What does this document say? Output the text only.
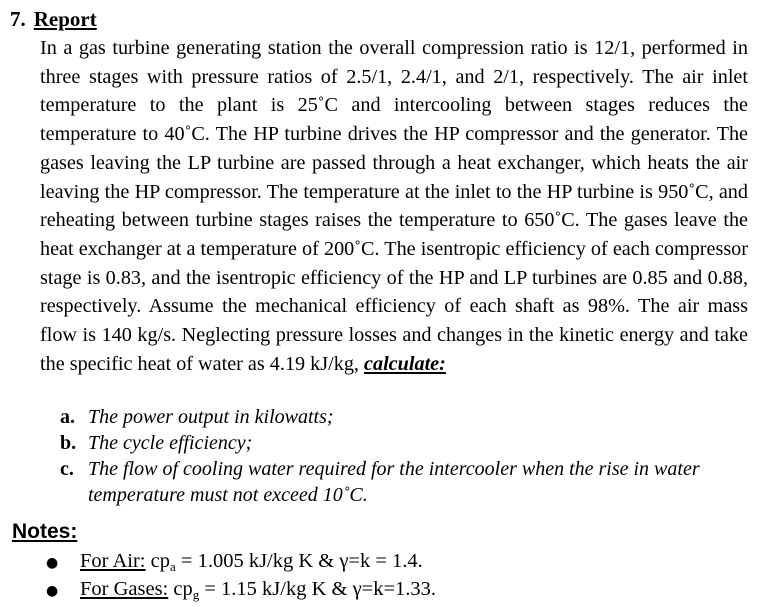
7. Report
In a gas turbine generating station the overall compression ratio is 12/1, performed in three stages with pressure ratios of 2.5/1, 2.4/1, and 2/1, respectively. The air inlet temperature to the plant is 25˚C and intercooling between stages reduces the temperature to 40˚C. The HP turbine drives the HP compressor and the generator. The gases leaving the LP turbine are passed through a heat exchanger, which heats the air leaving the HP compressor. The temperature at the inlet to the HP turbine is 950˚C, and reheating between turbine stages raises the temperature to 650˚C. The gases leave the heat exchanger at a temperature of 200˚C. The isentropic efficiency of each compressor stage is 0.83, and the isentropic efficiency of the HP and LP turbines are 0.85 and 0.88, respectively. Assume the mechanical efficiency of each shaft as 98%. The air mass flow is 140 kg/s. Neglecting pressure losses and changes in the kinetic energy and take the specific heat of water as 4.19 kJ/kg, calculate:
a. The power output in kilowatts;
b. The cycle efficiency;
c. The flow of cooling water required for the intercooler when the rise in water temperature must not exceed 10˚C.
Notes:
●	For Air: $cp_a = 1.005$ kJ/kg K & γ=k = 1.4.
●	For Gases: $cp_g = 1.15$ kJ/kg K & γ=k=1.33.
